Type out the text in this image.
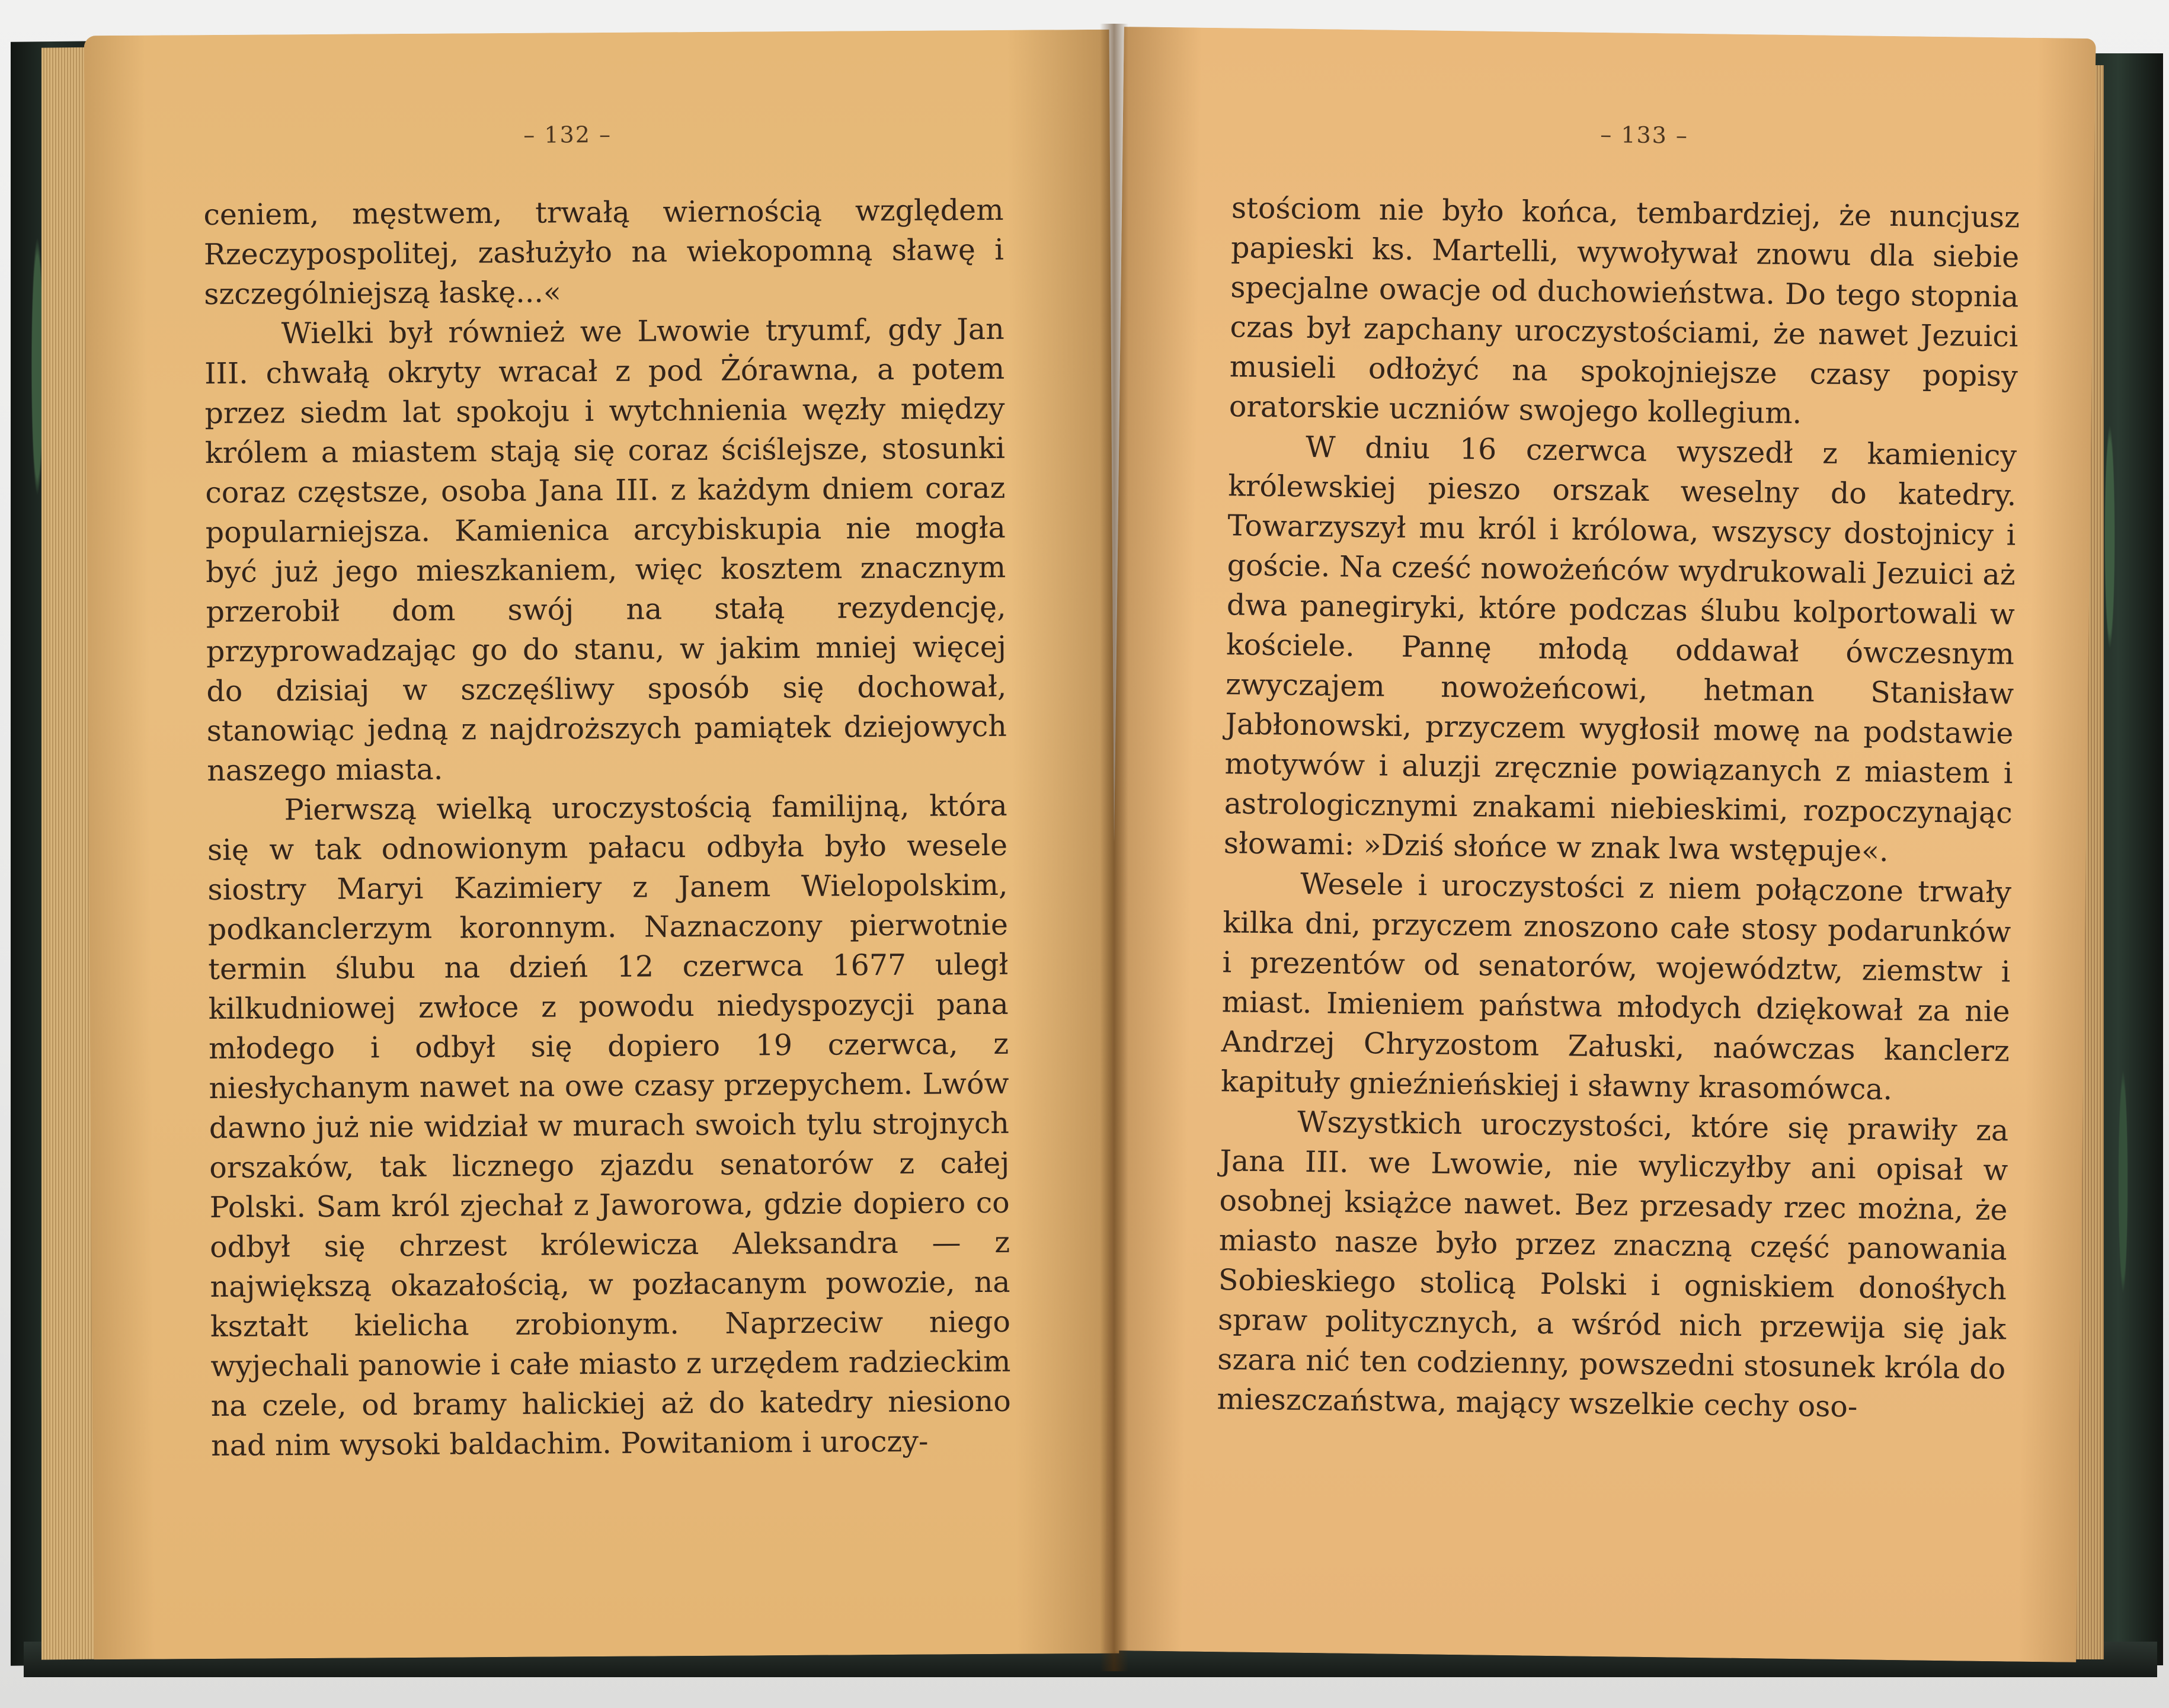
– 132 –

ceniem, męstwem, trwałą wiernością względem Rzeczypospolitej, zasłużyło na wiekopomną sławę i szczególniejszą łaskę...«

Wielki był również we Lwowie tryumf, gdy Jan III. chwałą okryty wracał z pod Żórawna, a potem przez siedm lat spokoju i wytchnienia węzły między królem a miastem stają się coraz ściślejsze, stosunki coraz częstsze, osoba Jana III. z każdym dniem coraz popularniejsza. Kamienica arcybiskupia nie mogła być już jego mieszkaniem, więc kosztem znacznym przerobił dom swój na stałą rezydencję, przyprowadzając go do stanu, w jakim mniej więcej do dzisiaj w szczęśliwy sposób się dochował, stanowiąc jedną z najdroższych pamiątek dziejowych naszego miasta.

Pierwszą wielką uroczystością familijną, która się w tak odnowionym pałacu odbyła było wesele siostry Maryi Kazimiery z Janem Wielopolskim, podkanclerzym koronnym. Naznaczony pierwotnie termin ślubu na dzień 12 czerwca 1677 uległ kilkudniowej zwłoce z powodu niedyspozycji pana młodego i odbył się dopiero 19 czerwca, z niesłychanym nawet na owe czasy przepychem. Lwów dawno już nie widział w murach swoich tylu strojnych orszaków, tak licznego zjazdu senatorów z całej Polski. Sam król zjechał z Jaworowa, gdzie dopiero co odbył się chrzest królewicza Aleksandra — z największą okazałością, w pozłacanym powozie, na kształt kielicha zrobionym. Naprzeciw niego wyjechali panowie i całe miasto z urzędem radzieckim na czele, od bramy halickiej aż do katedry niesiono nad nim wysoki baldachim. Powitaniom i uroczy-

– 133 –

stościom nie było końca, tembardziej, że nuncjusz papieski ks. Martelli, wywoływał znowu dla siebie specjalne owacje od duchowieństwa. Do tego stopnia czas był zapchany uroczystościami, że nawet Jezuici musieli odłożyć na spokojniejsze czasy popisy oratorskie uczniów swojego kollegium.

W dniu 16 czerwca wyszedł z kamienicy królewskiej pieszo orszak weselny do katedry. Towarzyszył mu król i królowa, wszyscy dostojnicy i goście. Na cześć nowożeńców wydrukowali Jezuici aż dwa panegiryki, które podczas ślubu kolportowali w kościele. Pannę młodą oddawał ówczesnym zwyczajem nowożeńcowi, hetman Stanisław Jabłonowski, przyczem wygłosił mowę na podstawie motywów i aluzji zręcznie powiązanych z miastem i astrologicznymi znakami niebieskimi, rozpoczynając słowami: »Dziś słońce w znak lwa wstępuje«.

Wesele i uroczystości z niem połączone trwały kilka dni, przyczem znoszono całe stosy podarunków i prezentów od senatorów, województw, ziemstw i miast. Imieniem państwa młodych dziękował za nie Andrzej Chryzostom Załuski, naówczas kanclerz kapituły gnieźnieńskiej i sławny krasomówca.

Wszystkich uroczystości, które się prawiły za Jana III. we Lwowie, nie wyliczyłby ani opisał w osobnej książce nawet. Bez przesady rzec można, że miasto nasze było przez znaczną część panowania Sobieskiego stolicą Polski i ogniskiem donośłych spraw politycznych, a wśród nich przewija się jak szara nić ten codzienny, powszedni stosunek króla do mieszczaństwa, mający wszelkie cechy oso-
